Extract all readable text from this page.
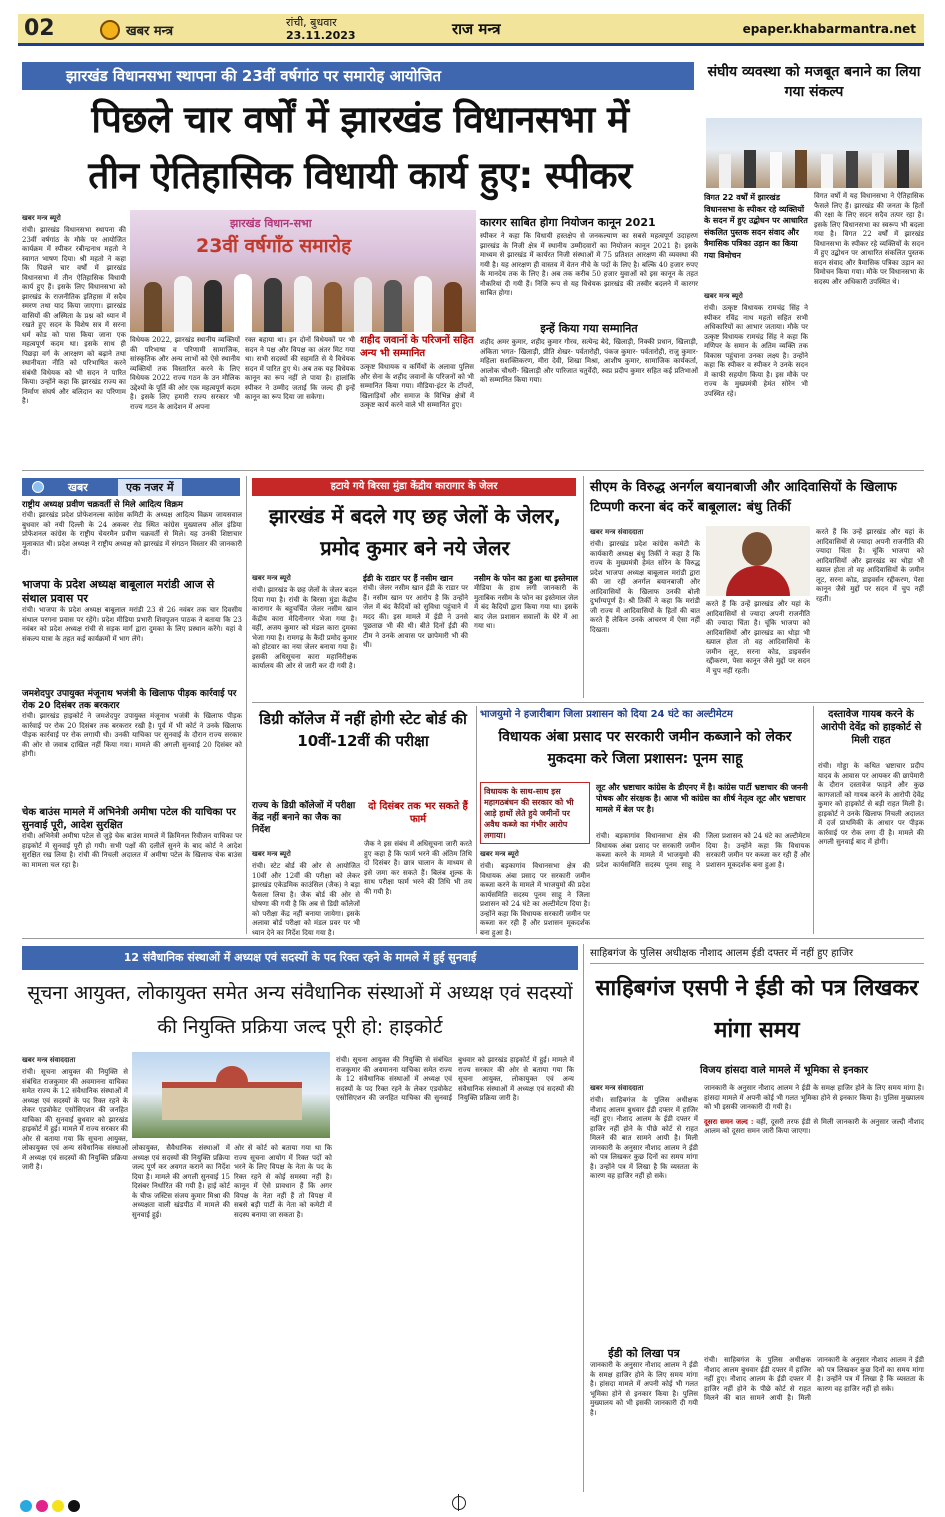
02	खबर मन्त्र
रांची, बुधवार
23.11.2023	राज मन्त्र	epaper.khabarmantra.net
झारखंड विधानसभा स्थापना की 23वीं वर्षगांठ पर समारोह आयोजित
पिछले चार वर्षों में झारखंड विधानसभा में
तीन ऐतिहासिक विधायी कार्य हुए: स्पीकर
खबर मन्त्र ब्यूरो
रांची। झारखंड विधानसभा स्थापना की 23वीं वर्षगांठ के मौके पर आयोजित कार्यक्रम में स्पीकर रबीन्द्रनाथ महतो ने स्वागत भाषण दिया। श्री महतो ने कहा कि पिछले चार वर्षों में झारखंड विधानसभा में तीन ऐतिहासिक विधायी कार्य हुए हैं। इसके लिए विधानसभा को झारखंड के राजनीतिक इतिहास में सदैव स्मरण तथा याद किया जाएगा। झारखंड वासियों की अस्मिता के प्रश्न को ध्यान में रखते हुए सदन के विशेष सत्र में सरना धर्म कोड को पास किया जाना एक महत्वपूर्ण कदम था। इसके साथ ही पिछड़ा वर्ग के आरक्षण को बढ़ाने तथा स्थानीयता नीति को परिभाषित करने संबंधी विधेयक को भी सदन ने पारित किया। उन्होंने कहा कि झारखंड राज्य का निर्माण संघर्ष और बलिदान का परिणाम है।
झारखंड विधान-सभा
23वीं वर्षगाँठ समारोह
विधेयक 2022, झारखंड स्थानीय व्यक्तियों की परिभाषा व परिणामी सामाजिक, सांस्कृतिक और अन्य लाभों को ऐसे स्थानीय व्यक्तियों तक विस्तारित करने के लिए विधेयक 2022 राज्य गठन के उन मौलिक उद्देश्यों के पूर्ति की ओर एक महत्वपूर्ण कदम है। इसके लिए हमारी राज्य सरकार भी राज्य गठन के आदेशन में अपना
रक्त बहाया था। इन दोनों विधेयकों पर भी सदन ने पक्ष और विपक्ष का अंतर मिट गया था। सभी सदस्यों की सहमति से ये विधेयक सदन में पारित हुए थे। अब तक यह विधेयक कानून का रूप नहीं ले पाया है। हालांकि स्पीकर ने उम्मीद जताई कि जल्द ही इन्हें कानून का रूप दिया जा सकेगा।
शहीद जवानों के परिजनों सहित अन्य भी सम्मानित
उत्कृष्ट विधायक व कर्मियों के अलावा पुलिस और सेना के शहीद जवानों के परिजनों को भी सम्मानित किया गया। मीडिया-इंटर के टॉपरों, खिलाड़ियों और समाज के विभिन्न क्षेत्रों में उत्कृष्ट कार्य करने वाले भी सम्मानित हुए।
कारगर साबित होगा नियोजन कानून 2021
स्पीकर ने कहा कि विधायी हस्तक्षेप से जनकल्याण का सबसे महत्वपूर्ण उदाहरण झारखंड के निजी क्षेत्र में स्थानीय उम्मीदवारों का नियोजन कानून 2021 है। इसके माध्यम से झारखंड में कार्यरत निजी संस्थाओं में 75 प्रतिशत आरक्षण की व्यवस्था की गयी है। यह आरक्षण ही वास्तव में वेतन नीचे के पदों के लिए है। बल्कि 40 हजार रुपए के मानदेय तक के लिए है। अब तक करीब 50 हजार युवाओं को इस कानून के तहत नौकरियां दी गयी हैं। निजि रूप से यह विधेयक झारखंड की तस्वीर बदलने में कारगर साबित होगा।
इन्हें किया गया सम्मानित
शहीद अमर कुमार, शहीद कुमार गौरव, सत्येन्द्र बेदे, खिलाड़ी, निक्की प्रधान, खिलाड़ी, अंकिता भगत- खिलाड़ी, प्रीति शेखर- पर्वतारोही, पंकज कुमार- पर्वतारोही, राजु कुमार- महिला सशक्तिकरण, मीरा देवी, शिखा मिश्रा, आशीष कुमार, सामाजिक कार्यकर्ता, आलोक चौधरी- खिलाड़ी और पारिजात चतुर्वेदी, स्वप्न प्रदीप कुमार सहित कई प्रतिभाओं को सम्मानित किया गया।
संघीय व्यवस्था को मजबूत बनाने का लिया गया संकल्प
विगत 22 वर्षों में झारखंड विधानसभा के स्पीकर रहे व्यक्तियों के सदन में हुए उद्बोधन पर आधारित संकलित पुस्तक सदन संवाद और त्रैमासिक पत्रिका उड़ान का किया गया विमोचन
खबर मन्त्र ब्यूरो
रांची। उत्कृष्ट विधायक रामचंद्र सिंह ने स्पीकर रविंद्र नाथ महतो सहित सभी अधिकारियों का आभार जताया। मौके पर उत्कृष्ट विधायक रामचंद्र सिंह ने कहा कि मणिपर के समान के अतिम व्यक्ति तक विकास पहुंचाना उनका लक्ष्य है। उन्होंने कहा कि स्पीकर व स्पीकर ने उनके सदन में काफी सहयोग किया है। इस मौके पर राज्य के मुख्यमंत्री हेमंत सोरेन भी उपस्थित रहे।
विगत वर्षों में यह विधानसभा ने ऐतिहासिक फैसले लिए हैं। झारखंड की जनता के हितों की रक्षा के लिए सदन सदैव तत्पर रहा है। इसके लिए विधानसभा का स्वरूप भी बदला गया है। विगत 22 वर्षों में झारखंड विधानसभा के स्पीकर रहे व्यक्तियों के सदन में हुए उद्बोधन पर आधारित संकलित पुस्तक सदन संवाद और त्रैमासिक पत्रिका उड़ान का विमोचन किया गया। मौके पर विधानसभा के सदस्य और अधिकारी उपस्थित थे।
खबर	एक नजर में
राष्ट्रीय अध्यक्ष प्रवीण चक्रवर्ती से मिले आदित्य विक्रम
रांची। झारखंड प्रदेश प्रोफेशनल्स कांग्रेस कमिटी के अध्यक्ष आदित्य विक्रम जायसवाल बुधवार को नयी दिल्ली के 24 अकबर रोड स्थित कांग्रेस मुख्यालय ऑल इंडिया प्रोफेशनल कांग्रेस के राष्ट्रीय चेयरमैन प्रवीण चक्रवर्ती से मिले। यह उनकी शिष्टाचार मुलाकात थी। प्रदेश अध्यक्ष ने राष्ट्रीय अध्यक्ष को झारखंड में संगठन विस्तार की जानकारी दी।
भाजपा के प्रदेश अध्यक्ष बाबूलाल मरांडी आज से संथाल प्रवास पर
रांची। भाजपा के प्रदेश अध्यक्ष बाबूलाल मरांडी 23 से 26 नवंबर तक चार दिवसीय संथाल परगना प्रवास पर रहेंगे। प्रदेश मीडिया प्रभारी शिवपूजन पाठक ने बताया कि 23 नवंबर को प्रदेश अध्यक्ष रांची से सड़क मार्ग द्वारा दुमका के लिए प्रस्थान करेंगे। यहां वे संकल्प यात्रा के तहत कई कार्यक्रमों में भाग लेंगे।
जमशेदपुर उपायुक्त मंजूनाथ भजंत्री के खिलाफ पीड़क कार्रवाई पर रोक 20 दिसंबर तक बरकरार
रांची। झारखंड हाइकोर्ट ने जमशेदपुर उपायुक्त मंजूनाथ भजंत्री के खिलाफ पीड़क कार्रवाई पर रोक 20 दिसंबर तक बरकरार रखी है। पूर्व में भी कोर्ट ने उनके खिलाफ पीड़क कार्रवाई पर रोक लगायी थी। उनकी याचिका पर सुनवाई के दौरान राज्य सरकार की ओर से जवाब दाखिल नहीं किया गया। मामले की अगली सुनवाई 20 दिसंबर को होगी।
चेक बाउंस मामले में अभिनेत्री अमीषा पटेल की याचिका पर सुनवाई पूरी, आदेश सुरक्षित
रांची। अभिनेत्री अमीषा पटेल से जुड़े चेक बाउंस मामले में क्रिमिनल रिवीजन याचिका पर हाइकोर्ट में सुनवाई पूरी हो गयी। सभी पक्षों की दलीलें सुनने के बाद कोर्ट ने आदेश सुरक्षित रख लिया है। रांची की निचली अदालत में अमीषा पटेल के खिलाफ चेक बाउंस का मामला चल रहा है।
हटाये गये बिरसा मुंडा केंद्रीय कारागार के जेलर
झारखंड में बदले गए छह जेलों के जेलर, प्रमोद कुमार बने नये जेलर
खबर मन्त्र ब्यूरो
रांची। झारखंड के छह जेलों के जेलर बदल दिया गया है। रांची के बिरसा मुंडा केंद्रीय कारागार के बहुचर्चित जेलर नसीम खान केंद्रीय कारा मेदिनीनगर भेजा गया है। वहीं, अजय कुमार को मंडल कारा दुमका भेजा गया है। रामगढ़ के कैदी प्रमोद कुमार को होटवार का नया जेलर बनाया गया है। इसकी अधिसूचना कारा महानिरीक्षक कार्यालय की ओर से जारी कर दी गयी है।
ईडी के राडार पर हैं नसीम खान
रांची। जेलर नसीम खान ईडी के राडार पर हैं। नसीम खान पर आरोप है कि उन्होंने जेल में बंद कैदियों को सुविधा पहुंचाने में मदद की। इस मामले में ईडी ने उनसे पूछताछ भी की थी। बीते दिनों ईडी की टीम ने उनके आवास पर छापेमारी भी की थी।
नसीम के फोन का हुआ था इस्तेमाल
मीडिया के हाथ लगी जानकारी के मुताबिक नसीम के फोन का इस्तेमाल जेल में बंद कैदियों द्वारा किया गया था। इसके बाद जेल प्रशासन सवालों के घेरे में आ गया था।
सीएम के विरुद्ध अनर्गल बयानबाजी और आदिवासियों के खिलाफ टिप्पणी करना बंद करें बाबूलाल: बंधु तिर्की
खबर मन्त्र संवाददाता
रांची। झारखंड प्रदेश कांग्रेस कमेटी के कार्यकारी अध्यक्ष बंधु तिर्की ने कहा है कि राज्य के मुख्यमंत्री हेमंत सोरेन के विरुद्ध प्रदेश भाजपा अध्यक्ष बाबूलाल मरांडी द्वारा की जा रही अनर्गल बयानबाजी और आदिवासियों के खिलाफ उनकी बोली दुर्भाग्यपूर्ण है। श्री तिर्की ने कहा कि मरांडी जी राज्य में आदिवासियों के हितों की बात करते हैं लेकिन उनके आचरण में ऐसा नहीं दिखता।
करते हैं कि उन्हें झारखंड और यहां के आदिवासियों से ज्यादा अपनी राजनीति की ज्यादा चिंता है। चूंकि भाजपा को आदिवासियों और झारखंड का थोड़ा भी ख्याल होता तो वह आदिवासियों के जमीन लूट, सरना कोड, डाइवर्सन रद्दीकरण, पेसा कानून जैसे मुद्दों पर सदन में चुप नहीं रहती।
करते हैं कि उन्हें झारखंड और यहां के आदिवासियों से ज्यादा अपनी राजनीति की ज्यादा चिंता है। चूंकि भाजपा को आदिवासियों और झारखंड का थोड़ा भी ख्याल होता तो वह आदिवासियों के जमीन लूट, सरना कोड, डाइवर्सन रद्दीकरण, पेसा कानून जैसे मुद्दों पर सदन में चुप नहीं रहती।
डिग्री कॉलेज में नहीं होगी स्टेट बोर्ड की 10वीं-12वीं की परीक्षा
राज्य के डिग्री कॉलेजों में परीक्षा केंद्र नहीं बनाने का जैक का निर्देश
दो दिसंबर तक भर सकते हैं फार्म
खबर मन्त्र ब्यूरो
रांची। स्टेट बोर्ड की ओर से आयोजित 10वीं और 12वीं की परीक्षा को लेकर झारखंड एकेडमिक काउंसिल (जैक) ने बड़ा फैसला लिया है। जैक बोर्ड की ओर से घोषणा की गयी है कि अब से डिग्री कॉलेजों को परीक्षा केंद्र नहीं बनाया जायेगा। इसके अलावा बोर्ड परीक्षा को मंडल प्रवर पर भी ध्यान देने का निर्देश दिया गया है।
जैक ने इस संबंध में अधिसूचना जारी करते हुए कहा है कि फार्म भरने की अंतिम तिथि दो दिसंबर है। छात्र चालान के माध्यम से इसे जमा कर सकते हैं। बिलंब शुल्क के साथ परीक्षा फार्म भरने की तिथि भी तय की गयी है।
भाजयुमो ने हजारीबाग जिला प्रशासन को दिया 24 घंटे का अल्टीमेटम
विधायक अंबा प्रसाद पर सरकारी जमीन कब्जाने को लेकर मुकदमा करे जिला प्रशासन: पूनम साहू
विधायक के साथ-साथ इस महागठबंधन की सरकार को भी आड़े हाथों लेते हुये जमीनों पर अवैध कब्जे का गंभीर आरोप लगाया।
खबर मन्त्र ब्यूरो
रांची। बड़कागांव विधानसभा क्षेत्र की विधायक अंबा प्रसाद पर सरकारी जमीन कब्जा करने के मामले में भाजयुमो की प्रदेश कार्यसमिति सदस्य पूनम साहू ने जिला प्रशासन को 24 घंटे का अल्टीमेटम दिया है। उन्होंने कहा कि विधायक सरकारी जमीन पर कब्जा कर रही हैं और प्रशासन मूकदर्शक बना हुआ है।
लूट और भ्रष्टाचार कांग्रेस के डीएनए में है। कांग्रेस पार्टी भ्रष्टाचार की जननी पोषक और संरक्षक है। आज भी कांग्रेस का शीर्ष नेतृत्व लूट और भ्रष्टाचार मामले में बेल पर है।
रांची। बड़कागांव विधानसभा क्षेत्र की विधायक अंबा प्रसाद पर सरकारी जमीन कब्जा करने के मामले में भाजयुमो की प्रदेश कार्यसमिति सदस्य पूनम साहू ने जिला प्रशासन को 24 घंटे का अल्टीमेटम दिया है। उन्होंने कहा कि विधायक सरकारी जमीन पर कब्जा कर रही हैं और प्रशासन मूकदर्शक बना हुआ है।
दस्तावेज गायब करने के आरोपी देवेंद्र को हाइकोर्ट से मिली राहत
रांची। गोड्डा के कथित भ्रष्टाचार प्रदीप यादव के आवास पर आयकर की छापेमारी के दौरान दस्तावेज फाड़ने और कुछ कागजातों को गायब करने के आरोपी देवेंद्र कुमार को हाइकोर्ट से बड़ी राहत मिली है। हाइकोर्ट ने उनके खिलाफ निचली अदालत में दर्ज प्राथमिकी के आधार पर पीड़क कार्रवाई पर रोक लगा दी है। मामले की अगली सुनवाई बाद में होगी।
12 संवैधानिक संस्थाओं में अध्यक्ष एवं सदस्यों के पद रिक्त रहने के मामले में हुई सुनवाई
सूचना आयुक्त, लोकायुक्त समेत अन्य संवैधानिक संस्थाओं में अध्यक्ष एवं सदस्यों की नियुक्ति प्रक्रिया जल्द पूरी हो: हाइकोर्ट
खबर मन्त्र संवाददाता
रांची। सूचना आयुक्त की नियुक्ति से संबंधित राजकुमार की अवमानना याचिका समेत राज्य के 12 संवैधानिक संस्थाओं में अध्यक्ष एवं सदस्यों के पद रिक्त रहने के लेकर एडवोकेट एसोसिएशन की जनहित याचिका की सुनवाई बुधवार को झारखंड हाइकोर्ट में हुई। मामले में राज्य सरकार की ओर से बताया गया कि सूचना आयुक्त, लोकायुक्त एवं अन्य संवैधानिक संस्थाओं में अध्यक्ष एवं सदस्यों की नियुक्ति प्रक्रिया जारी है।
लोकायुक्त, सैवैधानिक संस्थाओं में अध्यक्ष एवं सदस्यों की नियुक्ति प्रक्रिया जल्द पूर्ण कर अवगत कराने का निर्देश दिया है। मामले की अगली सुनवाई 15 दिसंबर निर्धारित की गयी है। हाई कोर्ट के चीफ जस्टिस संजय कुमार मिश्रा की अध्यक्षता वाली खंडपीठ में मामले की सुनवाई हुई।
ओर से कोर्ट को बताया गया था कि राज्य सूचना आयोग में रिक्त पदों को भरने के लिए विपक्ष के नेता के पद के रिक्त रहने से कोई समस्या नहीं है। कानून में ऐसे प्रावधान हैं कि अगर विपक्ष के नेता नहीं हैं तो विपक्ष में सबसे बड़ी पार्टी के नेता को कमेटी में सदस्य बनाया जा सकता है।
रांची। सूचना आयुक्त की नियुक्ति से संबंधित राजकुमार की अवमानना याचिका समेत राज्य के 12 संवैधानिक संस्थाओं में अध्यक्ष एवं सदस्यों के पद रिक्त रहने के लेकर एडवोकेट एसोसिएशन की जनहित याचिका की सुनवाई बुधवार को झारखंड हाइकोर्ट में हुई। मामले में राज्य सरकार की ओर से बताया गया कि सूचना आयुक्त, लोकायुक्त एवं अन्य संवैधानिक संस्थाओं में अध्यक्ष एवं सदस्यों की नियुक्ति प्रक्रिया जारी है।
साहिबगंज के पुलिस अधीक्षक नौशाद आलम ईडी दफ्तर में नहीं हुए हाजिर
साहिबगंज एसपी ने ईडी को पत्र लिखकर मांगा समय
विजय हांसदा वाले मामले में भूमिका से इनकार
खबर मन्त्र संवाददाता
रांची। साहिबगंज के पुलिस अधीक्षक नौशाद आलम बुधवार ईडी दफ्तर में हाजिर नहीं हुए। नौशाद आलम के ईडी दफ्तर में हाजिर नहीं होने के पीछे कोर्ट से राहत मिलने की बात सामने आयी है। मिली जानकारी के अनुसार नौशाद आलम ने ईडी को पत्र लिखकर कुछ दिनों का समय मांगा है। उन्होंने पत्र में लिखा है कि व्यस्तता के कारण वह हाजिर नहीं हो सके।
ईडी को लिखा पत्र
जानकारी के अनुसार नौशाद आलम ने ईडी के समक्ष हाजिर होने के लिए समय मांगा है। हांसदा मामले में अपनी कोई भी गलत भूमिका होने से इनकार किया है। पुलिस मुख्यालय को भी इसकी जानकारी दी गयी है।
जानकारी के अनुसार नौशाद आलम ने ईडी के समक्ष हाजिर होने के लिए समय मांगा है। हांसदा मामले में अपनी कोई भी गलत भूमिका होने से इनकार किया है। पुलिस मुख्यालय को भी इसकी जानकारी दी गयी है।
दूसरा समन जल्द : वहीं, दूसरी तरफ ईडी से मिली जानकारी के अनुसार जल्दी नौशाद आलम को दूसरा समन जारी किया जाएगा।
रांची। साहिबगंज के पुलिस अधीक्षक नौशाद आलम बुधवार ईडी दफ्तर में हाजिर नहीं हुए। नौशाद आलम के ईडी दफ्तर में हाजिर नहीं होने के पीछे कोर्ट से राहत मिलने की बात सामने आयी है। मिली जानकारी के अनुसार नौशाद आलम ने ईडी को पत्र लिखकर कुछ दिनों का समय मांगा है। उन्होंने पत्र में लिखा है कि व्यस्तता के कारण वह हाजिर नहीं हो सके।
